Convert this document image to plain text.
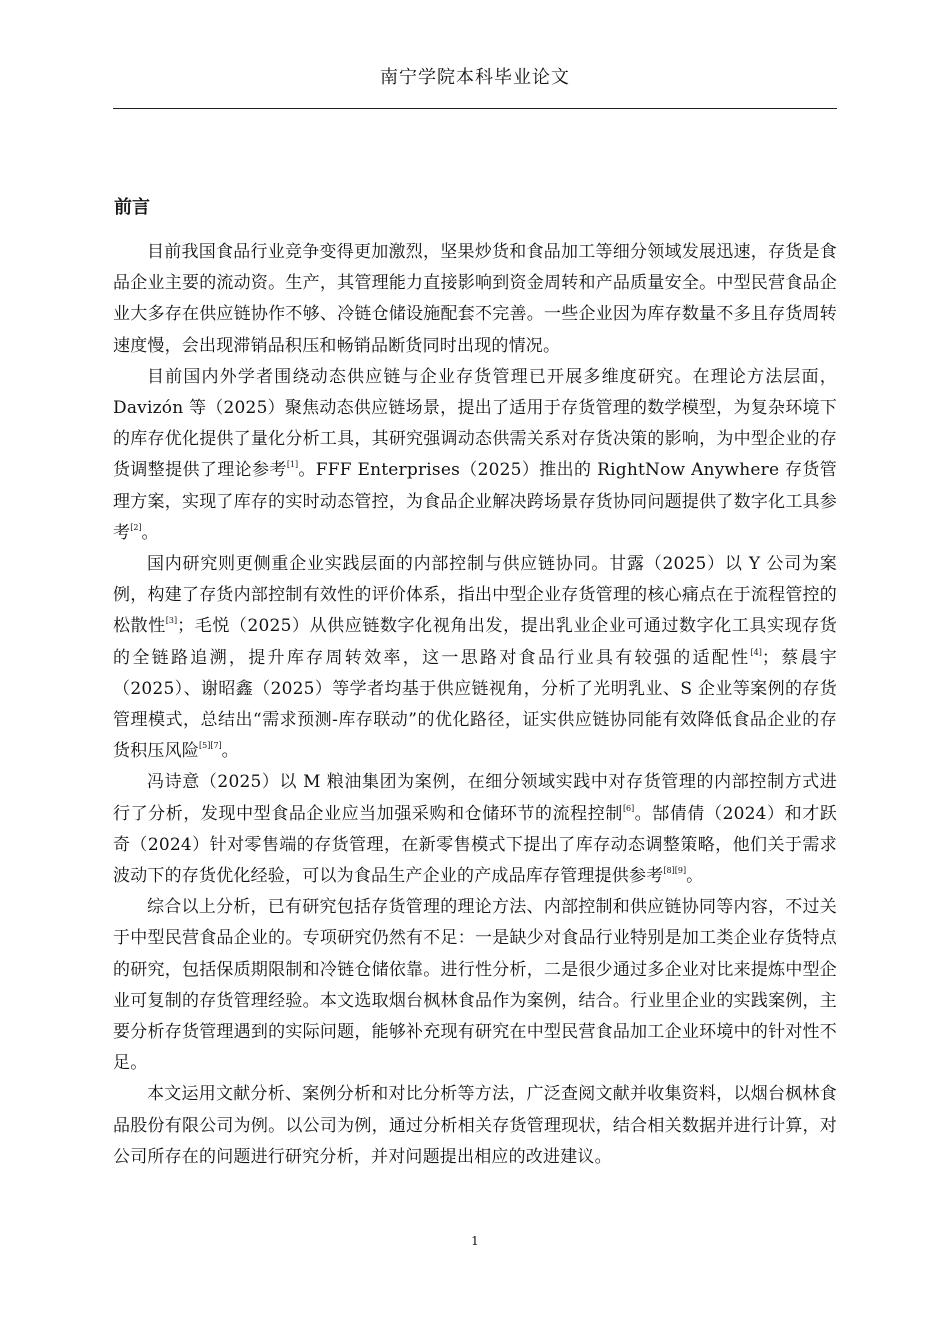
南宁学院本科毕业论文
前言

目前我国食品行业竞争变得更加激烈，坚果炒货和食品加工等细分领域发展迅速，存货是食品企业主要的流动资。生产，其管理能力直接影响到资金周转和产品质量安全。中型民营食品企业大多存在供应链协作不够、冷链仓储设施配套不完善。一些企业因为库存数量不多且存货周转速度慢，会出现滞销品积压和畅销品断货同时出现的情况。

目前国内外学者围绕动态供应链与企业存货管理已开展多维度研究。在理论方法层面，Davizón 等（2025）聚焦动态供应链场景，提出了适用于存货管理的数学模型，为复杂环境下的库存优化提供了量化分析工具，其研究强调动态供需关系对存货决策的影响，为中型企业的存货调整提供了理论参考[1]。FFF Enterprises（2025）推出的 RightNow Anywhere 存货管理方案，实现了库存的实时动态管控，为食品企业解决跨场景存货协同问题提供了数字化工具参考[2]。

国内研究则更侧重企业实践层面的内部控制与供应链协同。甘露（2025）以 Y 公司为案例，构建了存货内部控制有效性的评价体系，指出中型企业存货管理的核心痛点在于流程管控的松散性[3]；毛悦（2025）从供应链数字化视角出发，提出乳业企业可通过数字化工具实现存货的全链路追溯，提升库存周转效率，这一思路对食品行业具有较强的适配性[4]；蔡晨宇（2025）、谢昭鑫（2025）等学者均基于供应链视角，分析了光明乳业、S 企业等案例的存货管理模式，总结出“需求预测-库存联动”的优化路径，证实供应链协同能有效降低食品企业的存货积压风险[5][7]。

冯诗意（2025）以 M 粮油集团为案例，在细分领域实践中对存货管理的内部控制方式进行了分析，发现中型食品企业应当加强采购和仓储环节的流程控制[6]。郜倩倩（2024）和才跃奇（2024）针对零售端的存货管理，在新零售模式下提出了库存动态调整策略，他们关于需求波动下的存货优化经验，可以为食品生产企业的产成品库存管理提供参考[8][9]。

综合以上分析，已有研究包括存货管理的理论方法、内部控制和供应链协同等内容，不过关于中型民营食品企业的。专项研究仍然有不足：一是缺少对食品行业特别是加工类企业存货特点的研究，包括保质期限制和冷链仓储依靠。进行性分析，二是很少通过多企业对比来提炼中型企业可复制的存货管理经验。本文选取烟台枫林食品作为案例，结合。行业里企业的实践案例，主要分析存货管理遇到的实际问题，能够补充现有研究在中型民营食品加工企业环境中的针对性不足。

本文运用文献分析、案例分析和对比分析等方法，广泛查阅文献并收集资料，以烟台枫林食品股份有限公司为例。以公司为例，通过分析相关存货管理现状，结合相关数据并进行计算，对公司所存在的问题进行研究分析，并对问题提出相应的改进建议。

1
